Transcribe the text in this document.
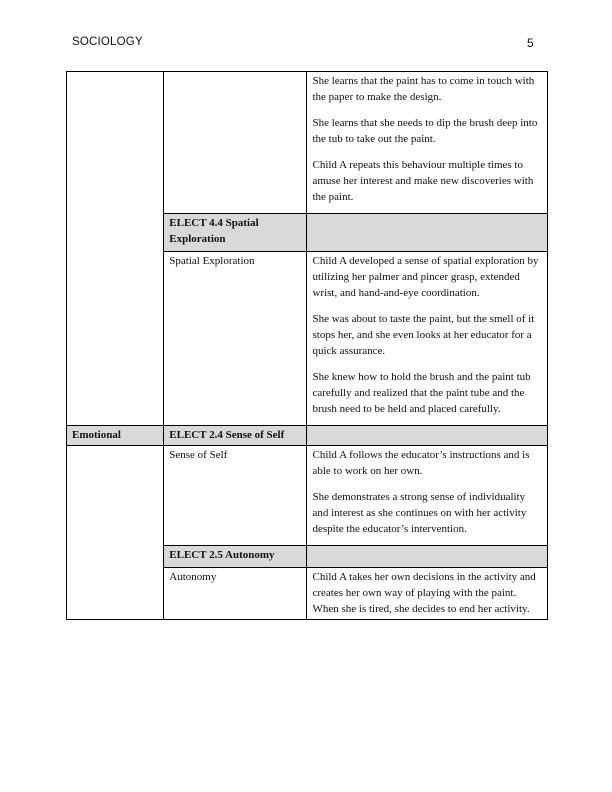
SOCIOLOGY	5

		She learns that the paint has to come in touch with the paper to make the design.

She learns that she needs to dip the brush deep into the tub to take out the paint.

Child A repeats this behaviour multiple times to amuse her interest and make new discoveries with the paint.

	ELECT 4.4 Spatial Exploration	
	Spatial Exploration	Child A developed a sense of spatial exploration by utilizing her palmer and pincer grasp, extended wrist, and hand-and-eye coordination.

She was about to taste the paint, but the smell of it stops her, and she even looks at her educator for a quick assurance.

She knew how to hold the brush and the paint tub carefully and realized that the paint tube and the brush need to be held and placed carefully.

Emotional	ELECT 2.4 Sense of Self	
	Sense of Self	Child A follows the educator’s instructions and is able to work on her own.

She demonstrates a strong sense of individuality and interest as she continues on with her activity despite the educator’s intervention.

	ELECT 2.5 Autonomy	
	Autonomy	Child A takes her own decisions in the activity and creates her own way of playing with the paint.
When she is tired, she decides to end her activity.
